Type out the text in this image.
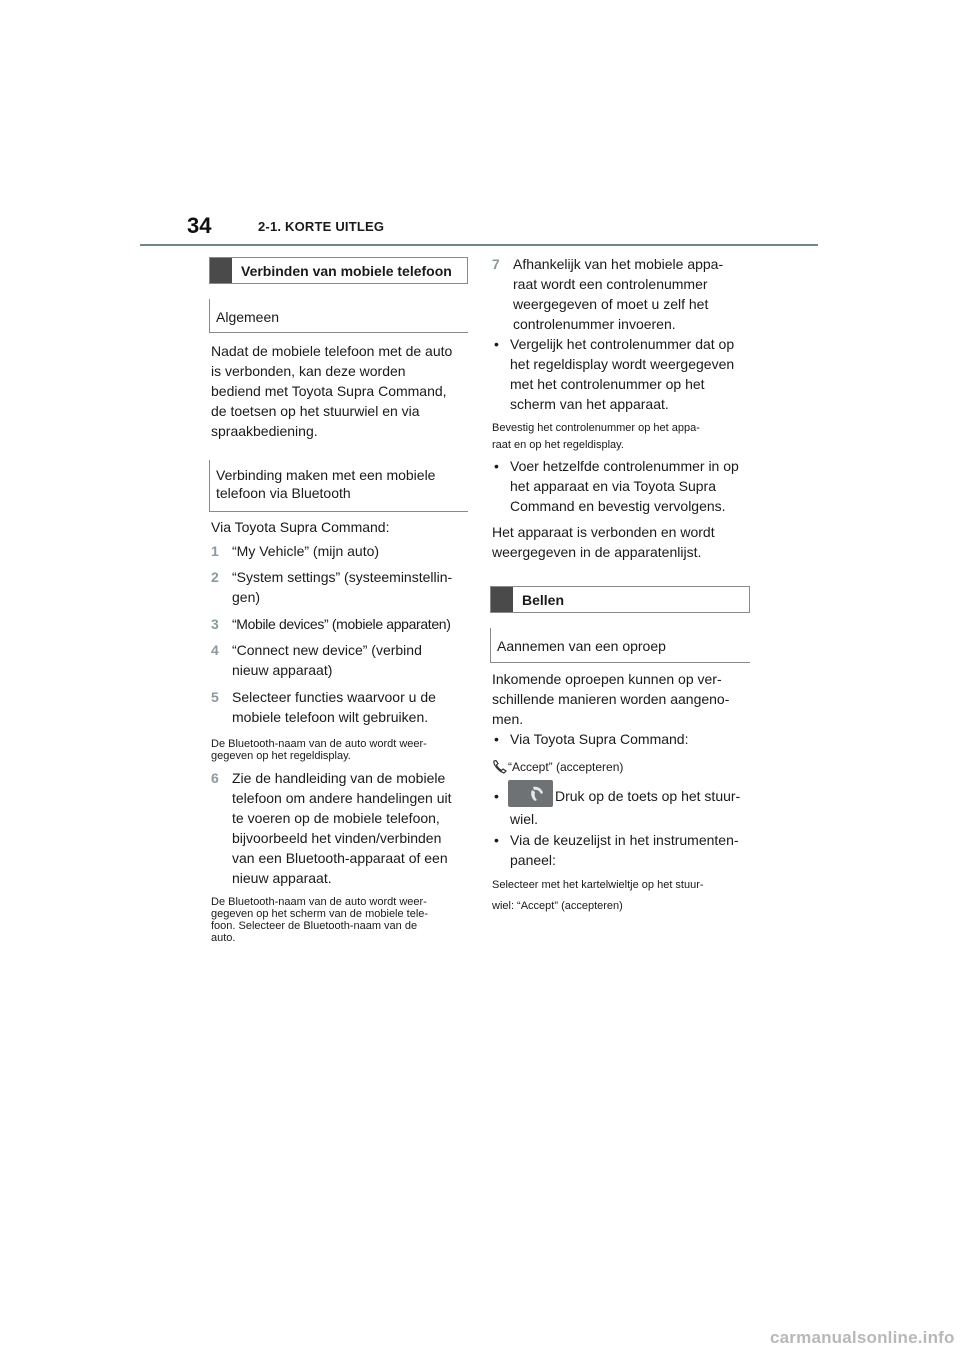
34	2-1. KORTE UITLEG
Verbinden van mobiele telefoon
Algemeen
Nadat de mobiele telefoon met de auto
is verbonden, kan deze worden
bediend met Toyota Supra Command,
de toetsen op het stuurwiel en via
spraakbediening.
Verbinding maken met een mobiele
telefoon via Bluetooth
Via Toyota Supra Command:
1 “My Vehicle” (mijn auto)
2 “System settings” (systeeminstellin-
gen)
3 “Mobile devices” (mobiele apparaten)
4 “Connect new device” (verbind
nieuw apparaat)
5 Selecteer functies waarvoor u de
mobiele telefoon wilt gebruiken.
De Bluetooth-naam van de auto wordt weer-
gegeven op het regeldisplay.
6 Zie de handleiding van de mobiele
telefoon om andere handelingen uit
te voeren op de mobiele telefoon,
bijvoorbeeld het vinden/verbinden
van een Bluetooth-apparaat of een
nieuw apparaat.
De Bluetooth-naam van de auto wordt weer-
gegeven op het scherm van de mobiele tele-
foon. Selecteer de Bluetooth-naam van de
auto.
7 Afhankelijk van het mobiele appa-
raat wordt een controlenummer
weergegeven of moet u zelf het
controlenummer invoeren.
• Vergelijk het controlenummer dat op
het regeldisplay wordt weergegeven
met het controlenummer op het
scherm van het apparaat.
Bevestig het controlenummer op het appa-
raat en op het regeldisplay.
• Voer hetzelfde controlenummer in op
het apparaat en via Toyota Supra
Command en bevestig vervolgens.
Het apparaat is verbonden en wordt
weergegeven in de apparatenlijst.
Bellen
Aannemen van een oproep
Inkomende oproepen kunnen op ver-
schillende manieren worden aangeno-
men.
• Via Toyota Supra Command:
“Accept” (accepteren)
•	Druk op de toets op het stuur-
wiel.
• Via de keuzelijst in het instrumenten-
paneel:
Selecteer met het kartelwieltje op het stuur-
wiel: “Accept” (accepteren)
carmanualsonline.info
